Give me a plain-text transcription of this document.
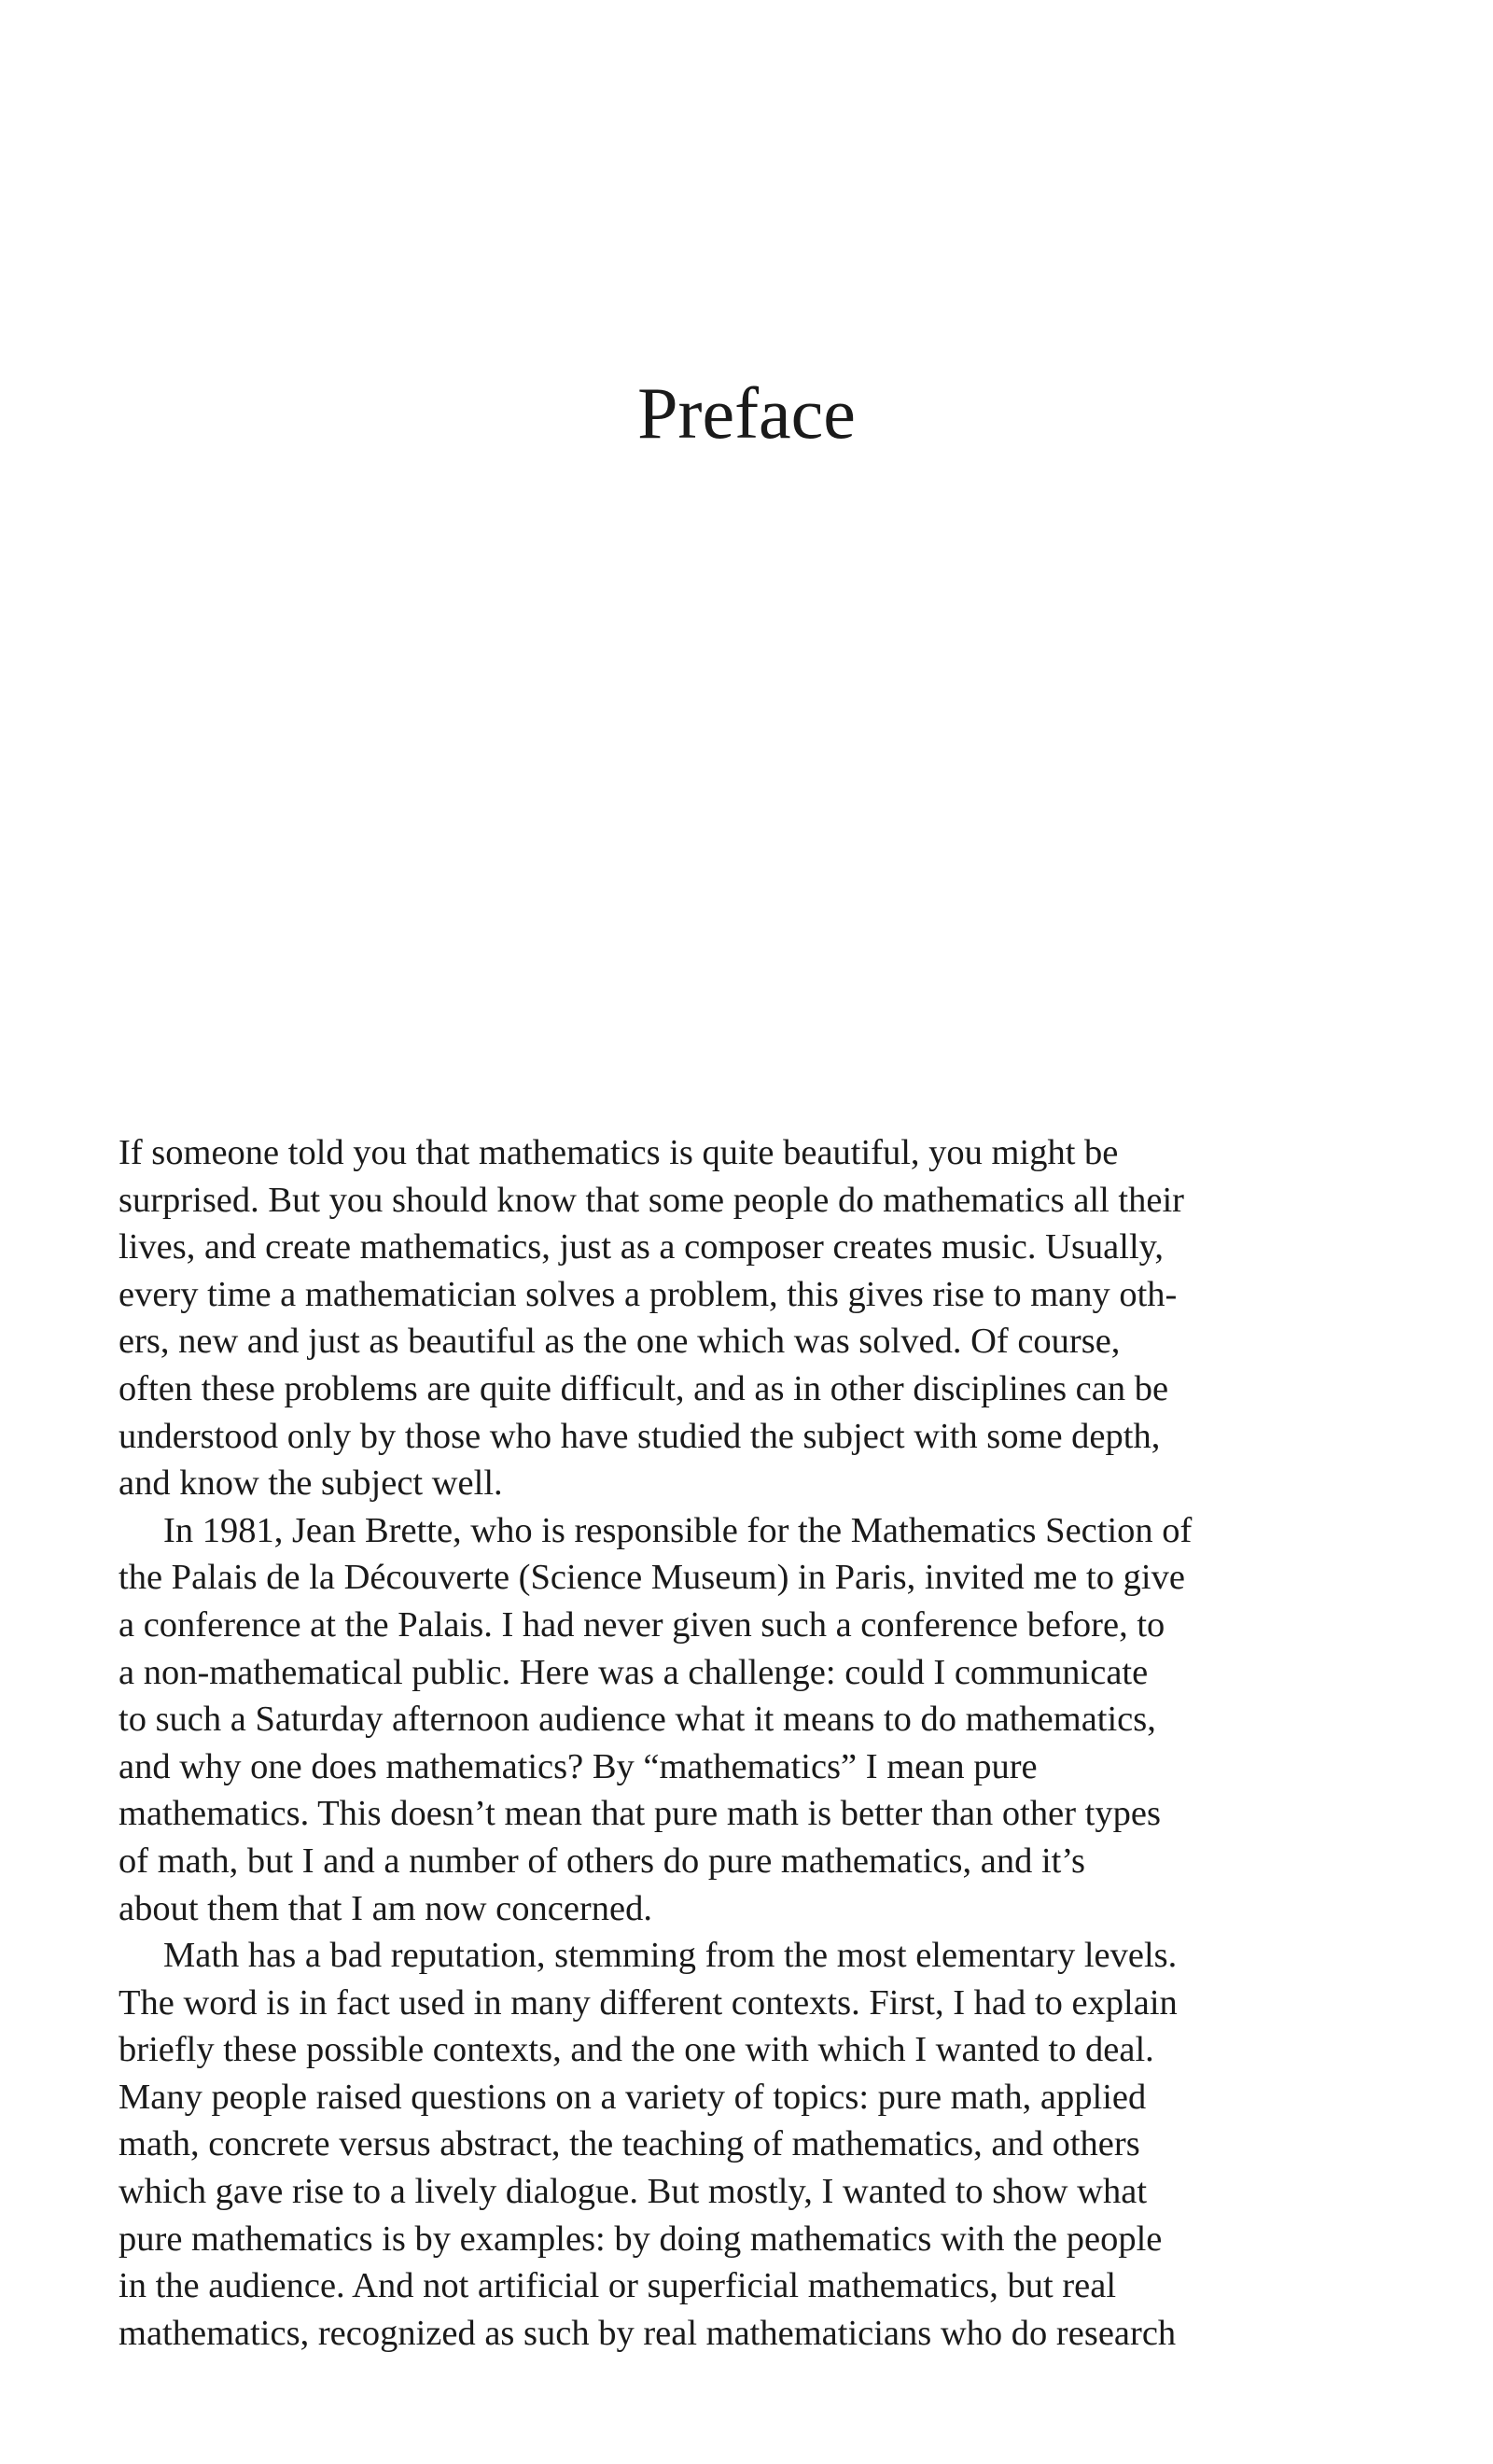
Preface

If someone told you that mathematics is quite beautiful, you might be
surprised. But you should know that some people do mathematics all their
lives, and create mathematics, just as a composer creates music. Usually,
every time a mathematician solves a problem, this gives rise to many oth-
ers, new and just as beautiful as the one which was solved. Of course,
often these problems are quite difficult, and as in other disciplines can be
understood only by those who have studied the subject with some depth,
and know the subject well.

In 1981, Jean Brette, who is responsible for the Mathematics Section of
the Palais de la Découverte (Science Museum) in Paris, invited me to give
a conference at the Palais. I had never given such a conference before, to
a non-mathematical public. Here was a challenge: could I communicate
to such a Saturday afternoon audience what it means to do mathematics,
and why one does mathematics? By “mathematics” I mean pure
mathematics. This doesn’t mean that pure math is better than other types
of math, but I and a number of others do pure mathematics, and it’s
about them that I am now concerned.

Math has a bad reputation, stemming from the most elementary levels.
The word is in fact used in many different contexts. First, I had to explain
briefly these possible contexts, and the one with which I wanted to deal.
Many people raised questions on a variety of topics: pure math, applied
math, concrete versus abstract, the teaching of mathematics, and others
which gave rise to a lively dialogue. But mostly, I wanted to show what
pure mathematics is by examples: by doing mathematics with the people
in the audience. And not artificial or superficial mathematics, but real
mathematics, recognized as such by real mathematicians who do research
